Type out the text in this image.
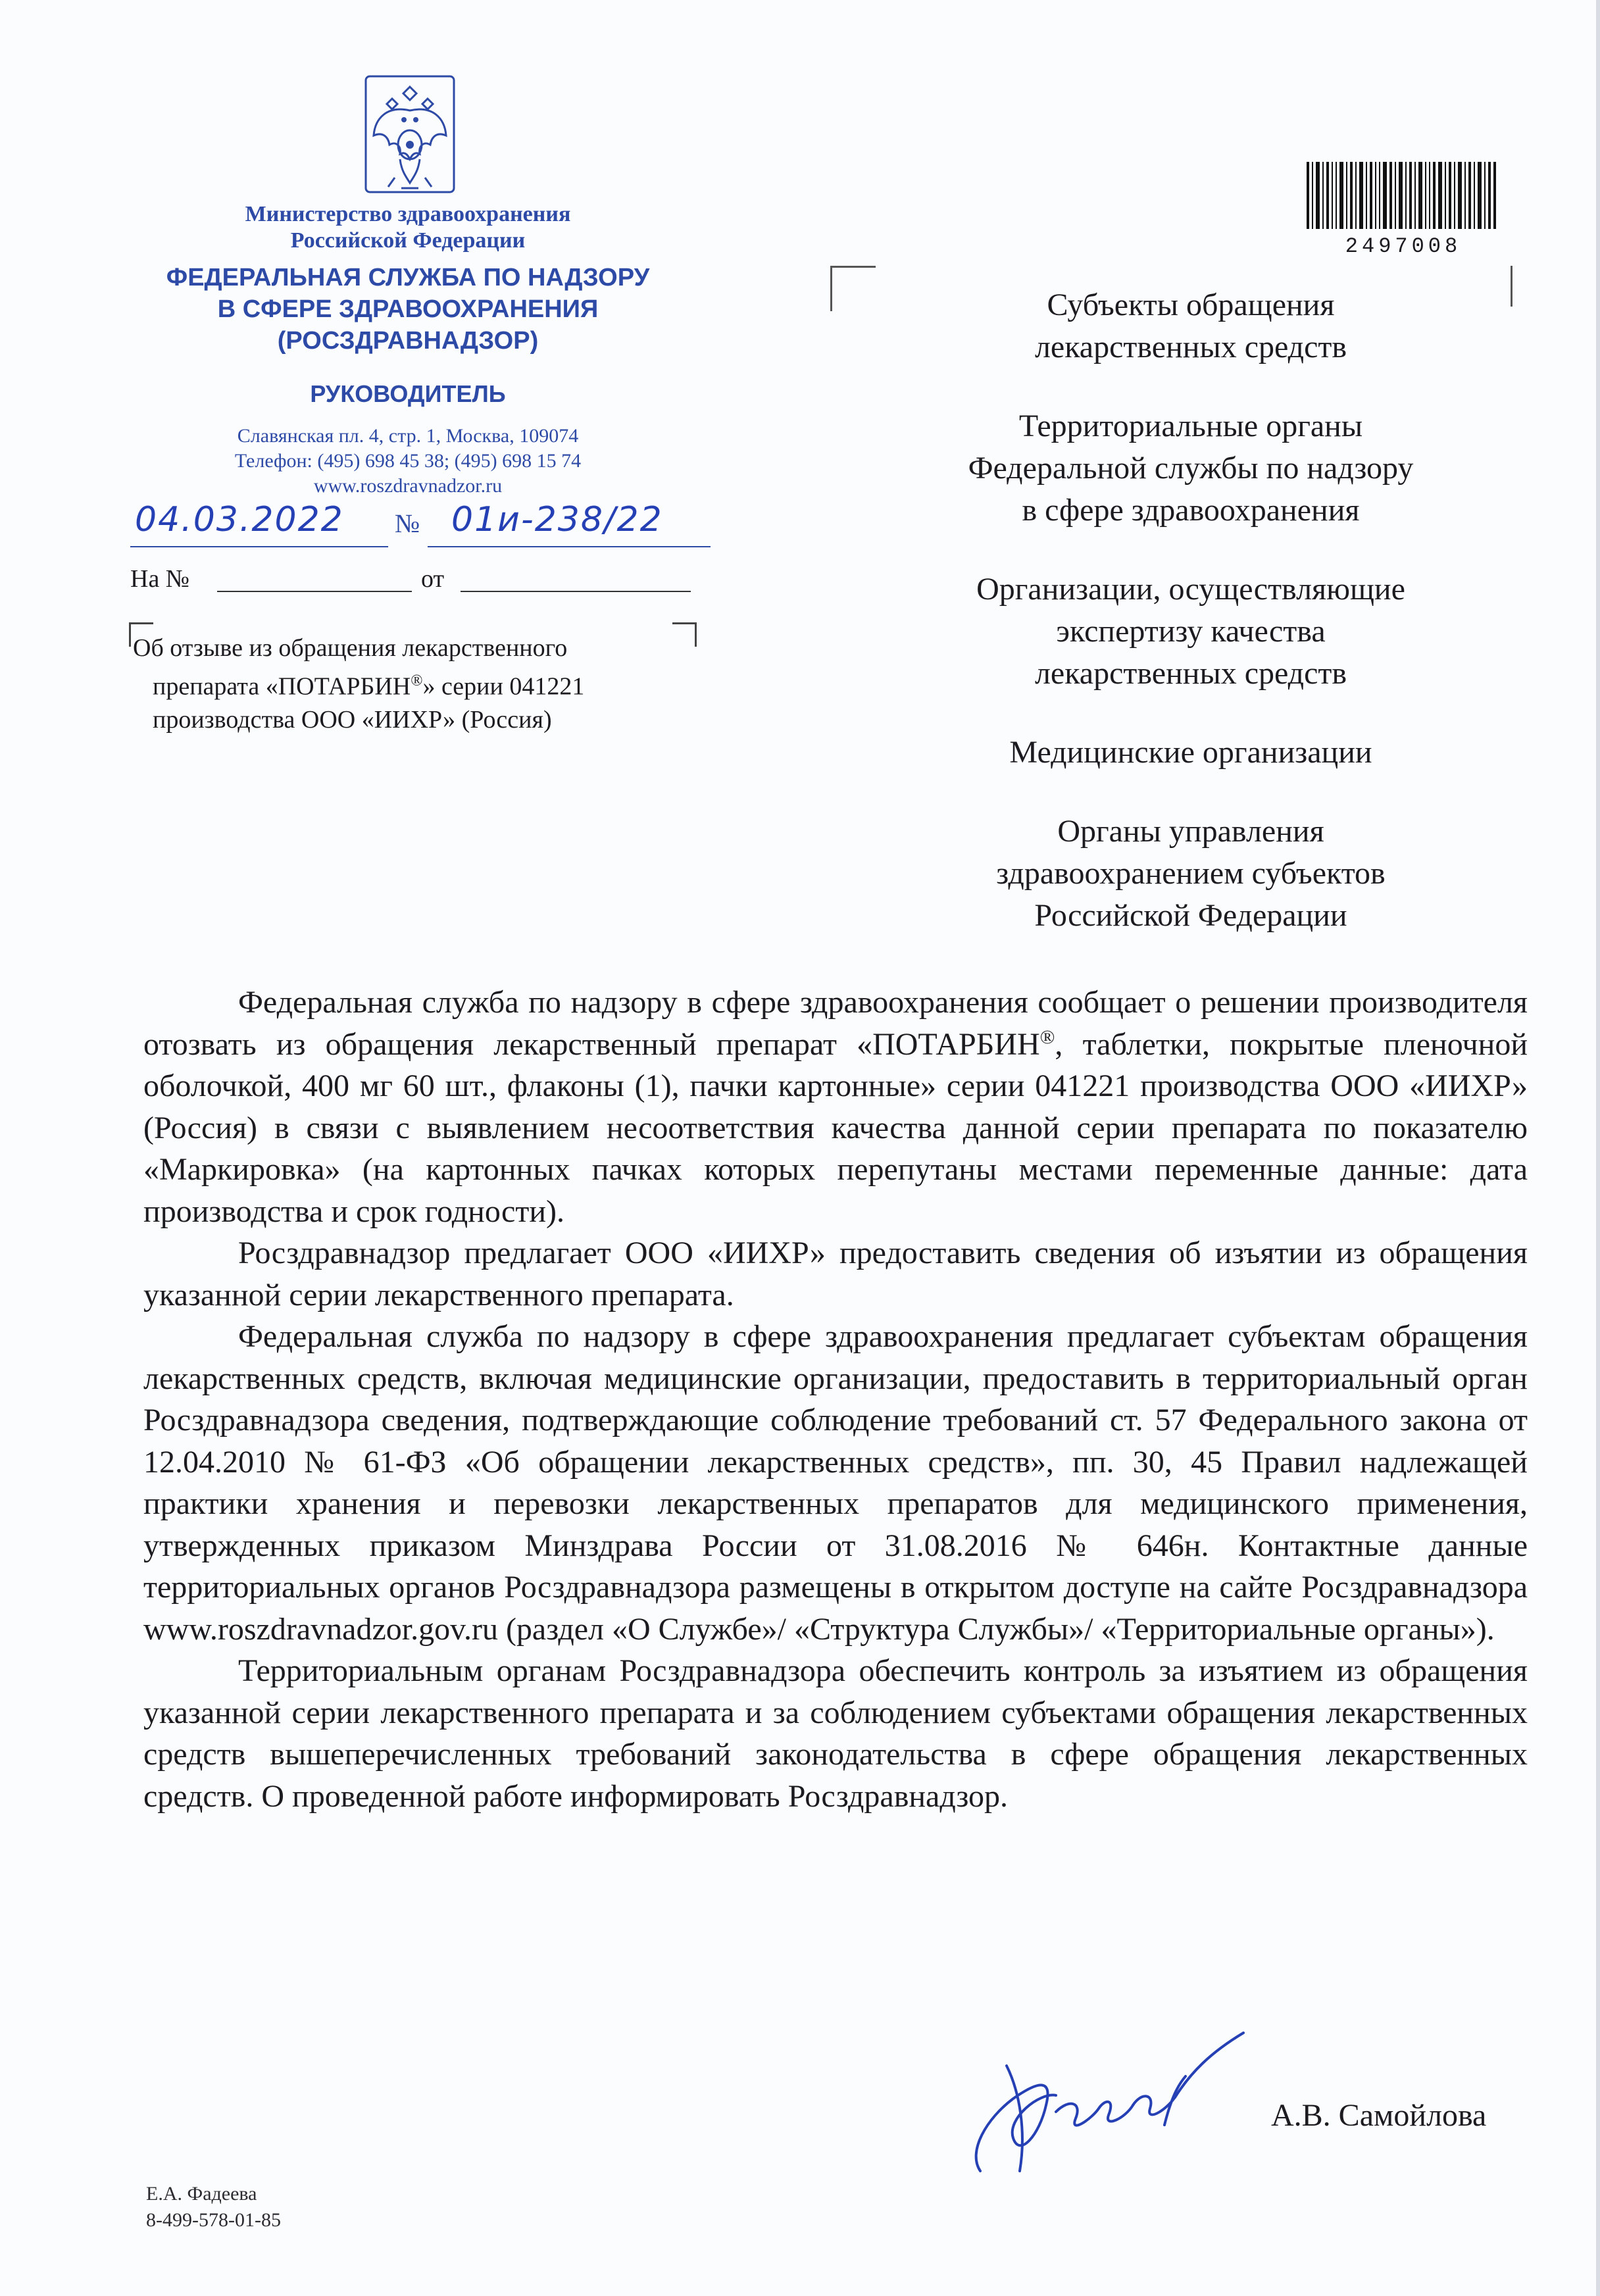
Министерство здравоохранения
Российской Федерации
ФЕДЕРАЛЬНАЯ СЛУЖБА ПО НАДЗОРУ
В СФЕРЕ ЗДРАВООХРАНЕНИЯ
(РОСЗДРАВНАДЗОР)
РУКОВОДИТЕЛЬ
Славянская пл. 4, стр. 1, Москва, 109074
Телефон: (495) 698 45 38; (495) 698 15 74
www.roszdravnadzor.ru
04.03.2022 № 01и-238/22
На №	от
Об отзыве из обращения лекарственного
препарата «ПОТАРБИН®» серии 041221
производства ООО «ИИХР» (Россия)
2497008
Субъекты обращения
лекарственных средств
Территориальные органы
Федеральной службы по надзору
в сфере здравоохранения
Организации, осуществляющие
экспертизу качества
лекарственных средств
Медицинские организации
Органы управления
здравоохранением субъектов
Российской Федерации

Федеральная служба по надзору в сфере здравоохранения сообщает о решении производителя отозвать из обращения лекарственный препарат «ПОТАРБИН®, таблетки, покрытые пленочной оболочкой, 400 мг 60 шт., флаконы (1), пачки картонные» серии 041221 производства ООО «ИИХР» (Россия) в связи с выявлением несоответствия качества данной серии препарата по показателю «Маркировка» (на картонных пачках которых перепутаны местами переменные данные: дата производства и срок годности).

Росздравнадзор предлагает ООО «ИИХР» предоставить сведения об изъятии из обращения указанной серии лекарственного препарата.

Федеральная служба по надзору в сфере здравоохранения предлагает субъектам обращения лекарственных средств, включая медицинские организации, предоставить в территориальный орган Росздравнадзора сведения, подтверждающие соблюдение требований ст. 57 Федерального закона от 12.04.2010 № 61-ФЗ «Об обращении лекарственных средств», пп. 30, 45 Правил надлежащей практики хранения и перевозки лекарственных препаратов для медицинского применения, утвержденных приказом Минздрава России от 31.08.2016 № 646н. Контактные данные территориальных органов Росздравнадзора размещены в открытом доступе на сайте Росздравнадзора www.roszdravnadzor.gov.ru (раздел «О Службе»/ «Структура Службы»/ «Территориальные органы»).

Территориальным органам Росздравнадзора обеспечить контроль за изъятием из обращения указанной серии лекарственного препарата и за соблюдением субъектами обращения лекарственных средств вышеперечисленных требований законодательства в сфере обращения лекарственных средств. О проведенной работе информировать Росздравнадзор.

А.В. Самойлова
Е.А. Фадеева
8-499-578-01-85
